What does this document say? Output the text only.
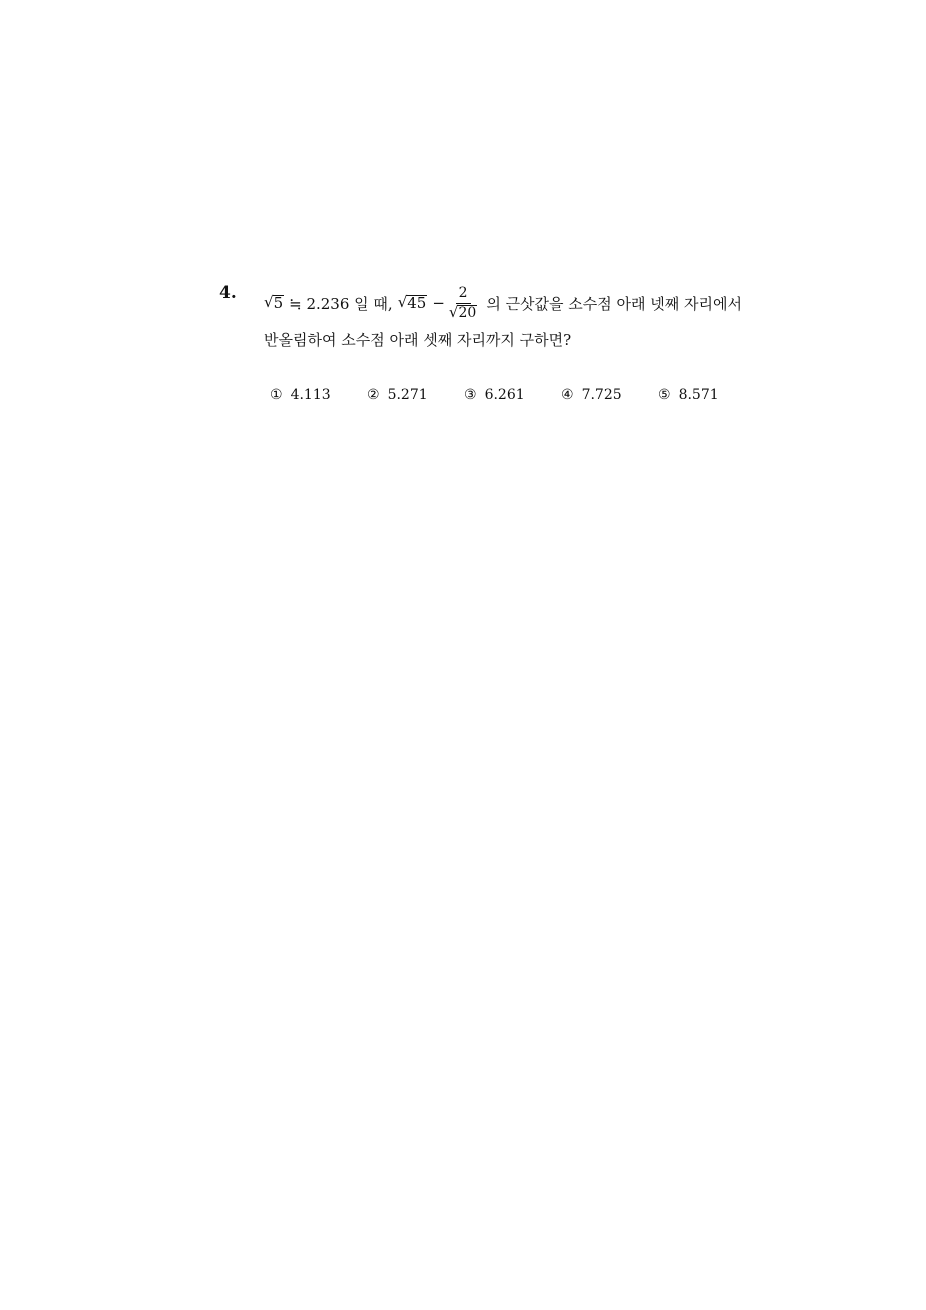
4. √ 5 ≒ 2.236 일 때, √ $45 - \frac{2}{√ 20}$ 의 근삿값을 소수점 아래 넷째 자리에서
반올림하여 소수점 아래 셋째 자리까지 구하면?
① 4.113	② 5.271	③ 6.261	④ 7.725	⑤ 8.571
